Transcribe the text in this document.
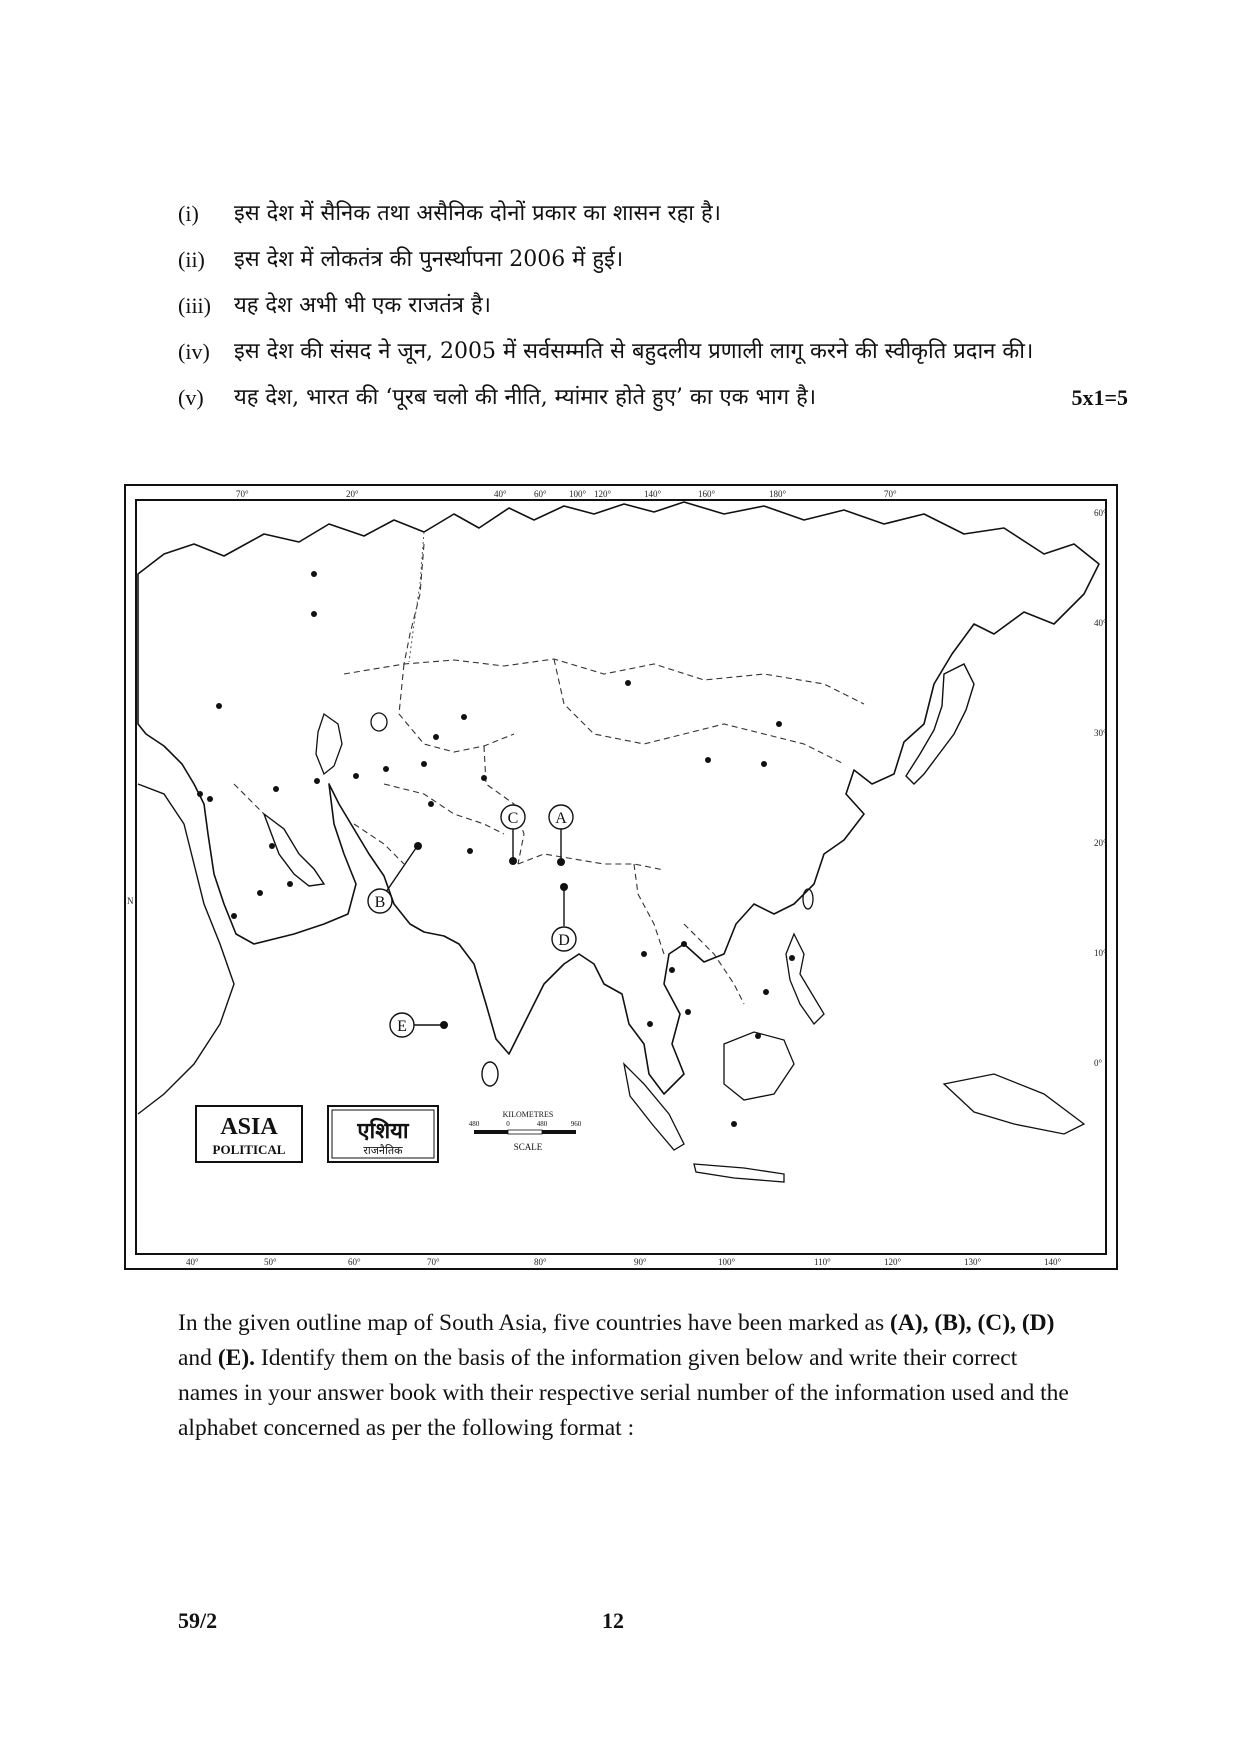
(i) इस देश में सैनिक तथा असैनिक दोनों प्रकार का शासन रहा है।
(ii) इस देश में लोकतंत्र की पुनर्स्थापना 2006 में हुई।
(iii) यह देश अभी भी एक राजतंत्र है।
(iv) इस देश की संसद ने जून, 2005 में सर्वसम्मति से बहुदलीय प्रणाली लागू करने की स्वीकृति प्रदान की।
(v) यह देश, भारत की ‘पूरब चलो की नीति, म्यांमार होते हुए’ का एक भाग है।	5x1=5
70°	20°	40°	60° 100° 120°	140°	160°	180°	70°
40°	50°	60°	70°	80°	90°	100°	110°	120°	130°	140°
60°
40°
30°
20°
10°
0°
N
C A
B
D
E
ASIA
POLITICAL
एशिया
राजनैतिक
KILOMETRES
480	0	480	960
SCALE
In the given outline map of South Asia, five countries have been marked as (A), (B), (C), (D) and (E). Identify them on the basis of the information given below and write their correct names in your answer book with their respective serial number of the information used and the alphabet concerned as per the following format :
59/2	12
